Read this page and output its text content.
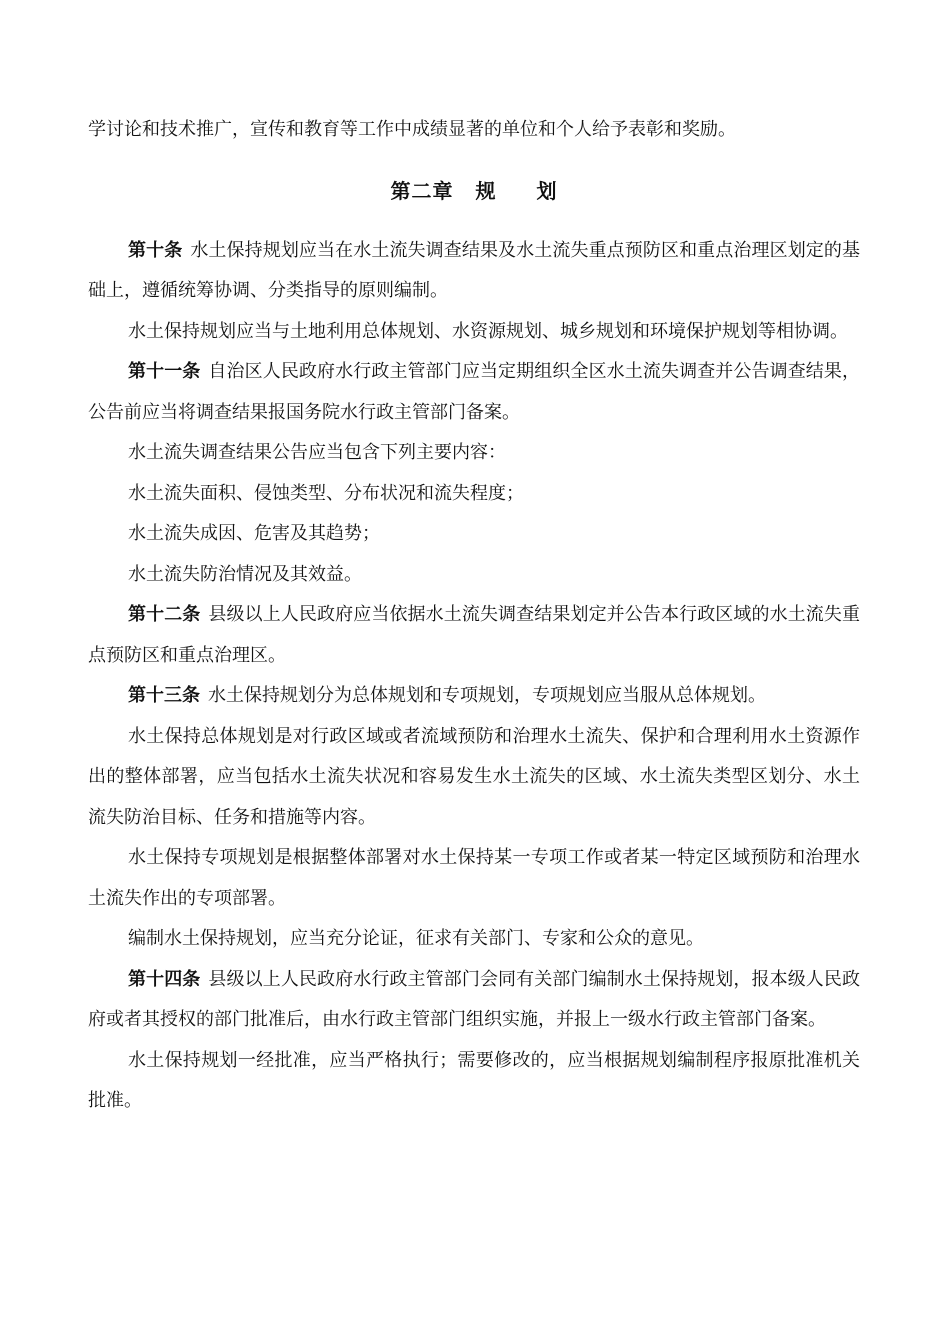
学讨论和技术推广，宣传和教育等工作中成绩显著的单位和个人给予表彰和奖励。

第二章 规 划

第十条 水土保持规划应当在水土流失调查结果及水土流失重点预防区和重点治理区划定的基础上，遵循统筹协调、分类指导的原则编制。

水土保持规划应当与土地利用总体规划、水资源规划、城乡规划和环境保护规划等相协调。

第十一条 自治区人民政府水行政主管部门应当定期组织全区水土流失调查并公告调查结果，公告前应当将调查结果报国务院水行政主管部门备案。

水土流失调查结果公告应当包含下列主要内容：

水土流失面积、侵蚀类型、分布状况和流失程度；

水土流失成因、危害及其趋势；

水土流失防治情况及其效益。

第十二条 县级以上人民政府应当依据水土流失调查结果划定并公告本行政区域的水土流失重点预防区和重点治理区。

第十三条 水土保持规划分为总体规划和专项规划，专项规划应当服从总体规划。

水土保持总体规划是对行政区域或者流域预防和治理水土流失、保护和合理利用水土资源作出的整体部署，应当包括水土流失状况和容易发生水土流失的区域、水土流失类型区划分、水土流失防治目标、任务和措施等内容。

水土保持专项规划是根据整体部署对水土保持某一专项工作或者某一特定区域预防和治理水土流失作出的专项部署。

编制水土保持规划，应当充分论证，征求有关部门、专家和公众的意见。

第十四条 县级以上人民政府水行政主管部门会同有关部门编制水土保持规划，报本级人民政府或者其授权的部门批准后，由水行政主管部门组织实施，并报上一级水行政主管部门备案。

水土保持规划一经批准，应当严格执行；需要修改的，应当根据规划编制程序报原批准机关批准。
